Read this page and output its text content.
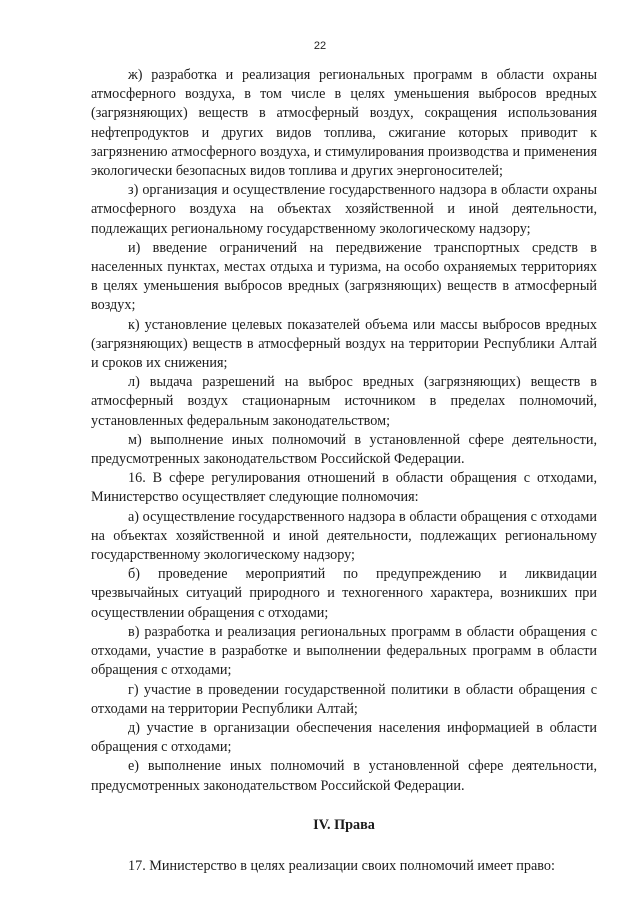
22

ж) разработка и реализация региональных программ в области охраны атмосферного воздуха, в том числе в целях уменьшения выбросов вредных (загрязняющих) веществ в атмосферный воздух, сокращения использования нефтепродуктов и других видов топлива, сжигание которых приводит к загрязнению атмосферного воздуха, и стимулирования производства и применения экологически безопасных видов топлива и других энергоносителей;

з) организация и осуществление государственного надзора в области охраны атмосферного воздуха на объектах хозяйственной и иной деятельности, подлежащих региональному государственному экологическому надзору;

и) введение ограничений на передвижение транспортных средств в населенных пунктах, местах отдыха и туризма, на особо охраняемых территориях в целях уменьшения выбросов вредных (загрязняющих) веществ в атмосферный воздух;

к) установление целевых показателей объема или массы выбросов вредных (загрязняющих) веществ в атмосферный воздух на территории Республики Алтай и сроков их снижения;

л) выдача разрешений на выброс вредных (загрязняющих) веществ в атмосферный воздух стационарным источником в пределах полномочий, установленных федеральным законодательством;

м) выполнение иных полномочий в установленной сфере деятельности, предусмотренных законодательством Российской Федерации.

16. В сфере регулирования отношений в области обращения с отходами, Министерство осуществляет следующие полномочия:

а) осуществление государственного надзора в области обращения с отходами на объектах хозяйственной и иной деятельности, подлежащих региональному государственному экологическому надзору;

б) проведение мероприятий по предупреждению и ликвидации чрезвычайных ситуаций природного и техногенного характера, возникших при осуществлении обращения с отходами;

в) разработка и реализация региональных программ в области обращения с отходами, участие в разработке и выполнении федеральных программ в области обращения с отходами;

г) участие в проведении государственной политики в области обращения с отходами на территории Республики Алтай;

д) участие в организации обеспечения населения информацией в области обращения с отходами;

е) выполнение иных полномочий в установленной сфере деятельности, предусмотренных законодательством Российской Федерации.

IV. Права

17. Министерство в целях реализации своих полномочий имеет право:
